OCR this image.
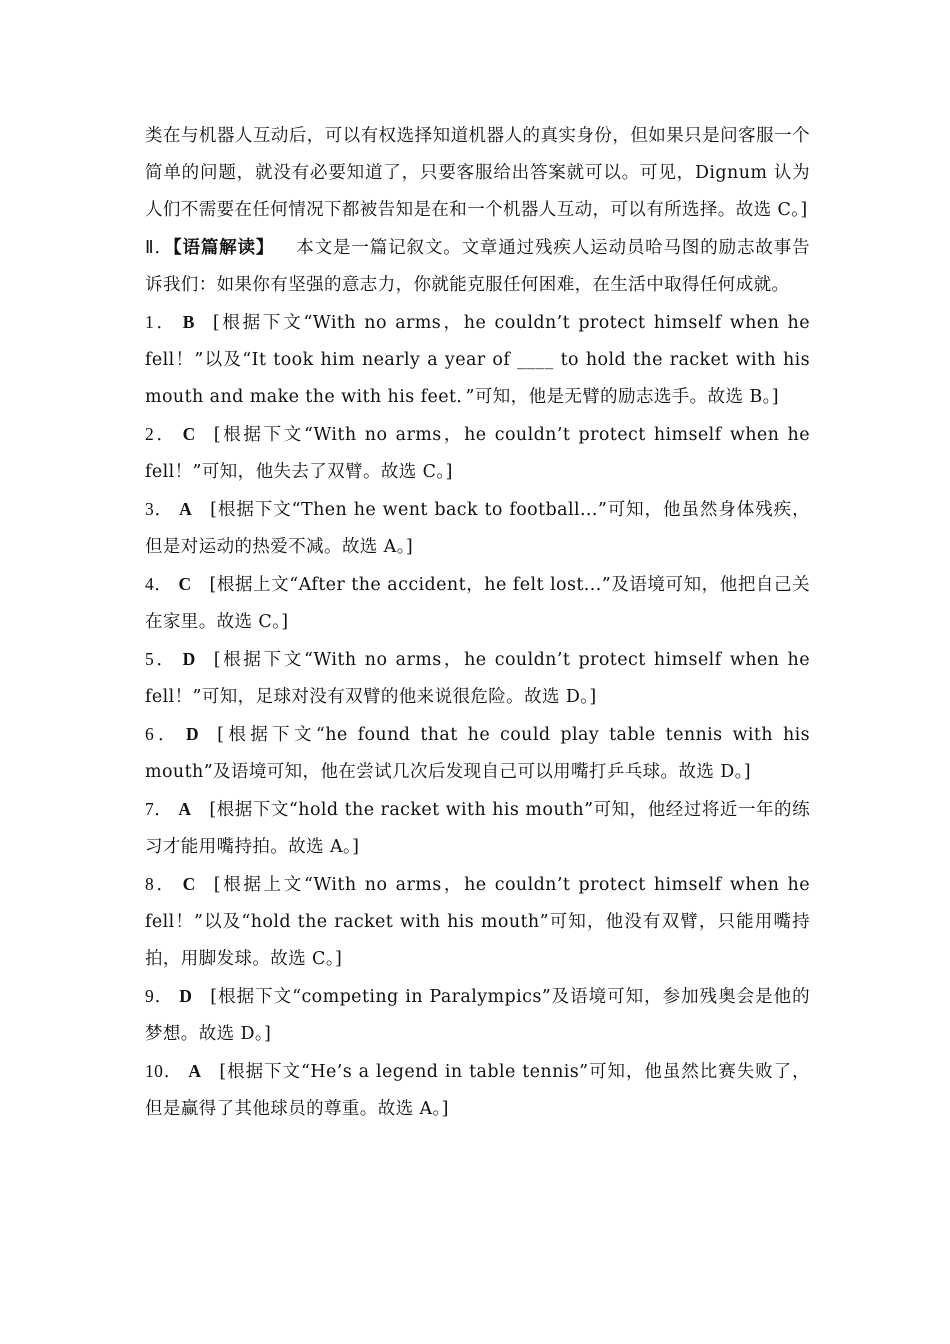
类在与机器人互动后，可以有权选择知道机器人的真实身份，但如果只是问客服一个简单的问题，就没有必要知道了，只要客服给出答案就可以。可见，Dignum 认为人们不需要在任何情况下都被告知是在和一个机器人互动，可以有所选择。故选 C。]

Ⅱ．【语篇解读】 本文是一篇记叙文。文章通过残疾人运动员哈马图的励志故事告诉我们：如果你有坚强的意志力，你就能克服任何困难，在生活中取得任何成就。

1． B [根据下文“With no arms，he couldn’t protect himself when he fell！”以及“It took him nearly a year of ____ to hold the racket with his mouth and make the with his feet．”可知，他是无臂的励志选手。故选 B。]

2． C [根据下文“With no arms，he couldn’t protect himself when he fell！”可知，他失去了双臂。故选 C。]

3． A [根据下文“Then he went back to football...”可知，他虽然身体残疾，但是对运动的热爱不减。故选 A。]

4． C [根据上文“After the accident，he felt lost...”及语境可知，他把自己关在家里。故选 C。]

5． D [根据下文“With no arms，he couldn’t protect himself when he fell！”可知，足球对没有双臂的他来说很危险。故选 D。]

6． D [根据下文“he found that he could play table tennis with his mouth”及语境可知，他在尝试几次后发现自己可以用嘴打乒乓球。故选 D。]

7． A [根据下文“hold the racket with his mouth”可知，他经过将近一年的练习才能用嘴持拍。故选 A。]

8． C [根据上文“With no arms，he couldn’t protect himself when he fell！”以及“hold the racket with his mouth”可知，他没有双臂，只能用嘴持拍，用脚发球。故选 C。]

9． D [根据下文“competing in Paralympics”及语境可知，参加残奥会是他的梦想。故选 D。]

10． A [根据下文“He’s a legend in table tennis”可知，他虽然比赛失败了，但是赢得了其他球员的尊重。故选 A。]
